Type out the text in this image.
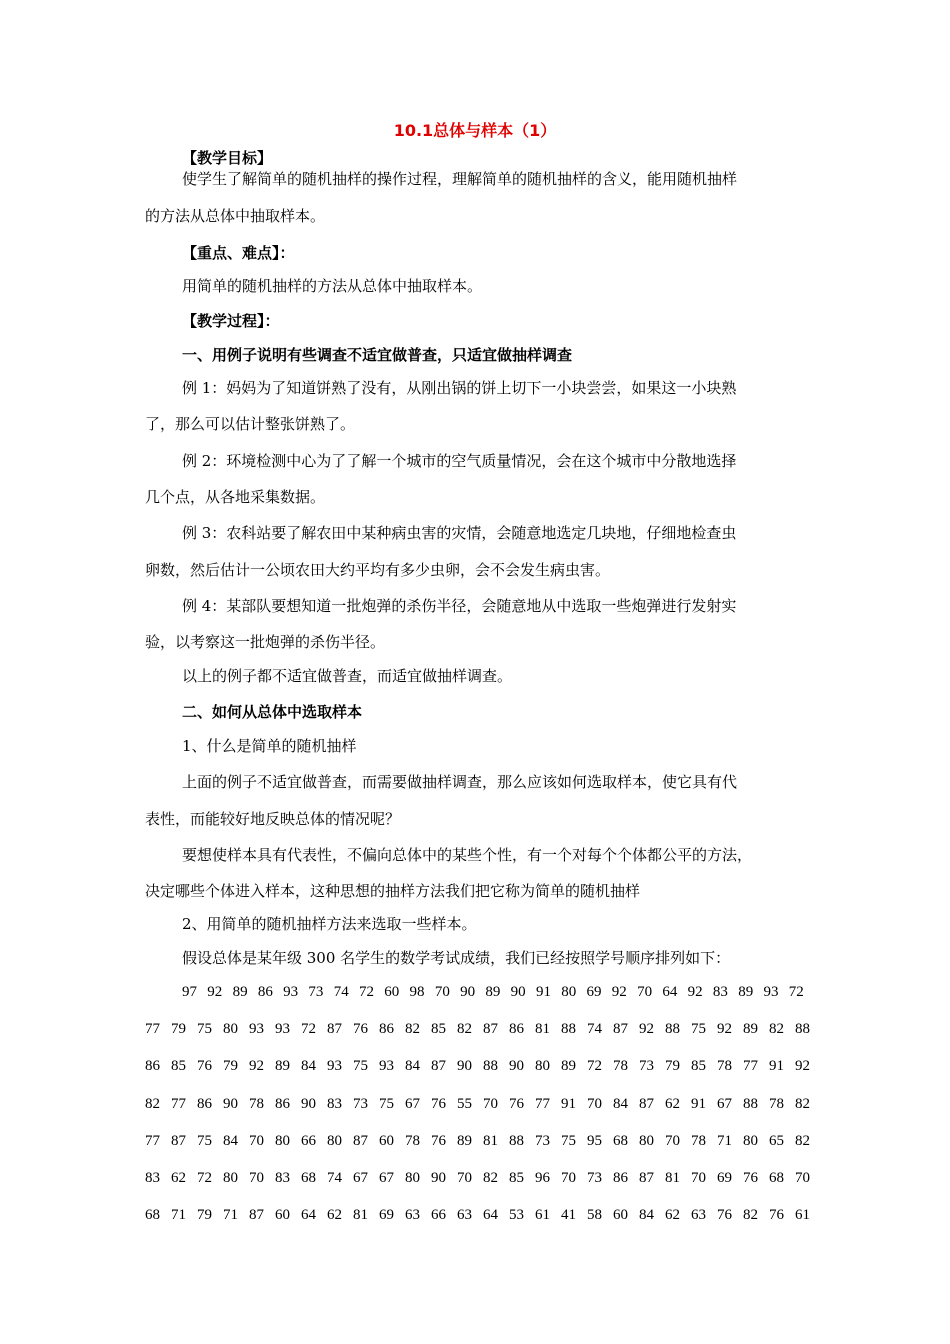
10.1总体与样本（1）

【教学目标】

使学生了解简单的随机抽样的操作过程，理解简单的随机抽样的含义，能用随机抽样

的方法从总体中抽取样本。

【重点、难点】：

用简单的随机抽样的方法从总体中抽取样本。

【教学过程】：

一、用例子说明有些调查不适宜做普查，只适宜做抽样调查

例 1：妈妈为了知道饼熟了没有，从刚出锅的饼上切下一小块尝尝，如果这一小块熟

了，那么可以估计整张饼熟了。

例 2：环境检测中心为了了解一个城市的空气质量情况，会在这个城市中分散地选择

几个点，从各地采集数据。

例 3：农科站要了解农田中某种病虫害的灾情，会随意地选定几块地，仔细地检查虫

卵数，然后估计一公顷农田大约平均有多少虫卵，会不会发生病虫害。

例 4：某部队要想知道一批炮弹的杀伤半径，会随意地从中选取一些炮弹进行发射实

验，以考察这一批炮弹的杀伤半径。

以上的例子都不适宜做普查，而适宜做抽样调查。

二、如何从总体中选取样本

1、什么是简单的随机抽样

上面的例子不适宜做普查，而需要做抽样调查，那么应该如何选取样本，使它具有代

表性，而能较好地反映总体的情况呢？

要想使样本具有代表性，不偏向总体中的某些个性，有一个对每个个体都公平的方法，

决定哪些个体进入样本，这种思想的抽样方法我们把它称为简单的随机抽样

2、用简单的随机抽样方法来选取一些样本。

假设总体是某年级 300 名学生的数学考试成绩，我们已经按照学号顺序排列如下：

97 92 89 86 93 73 74 72 60 98 70 90 89 90 91 80 69 92 70 64 92 83 89 93 72

77 79 75 80 93 93 72 87 76 86 82 85 82 87 86 81 88 74 87 92 88 75 92 89 82 88

86 85 76 79 92 89 84 93 75 93 84 87 90 88 90 80 89 72 78 73 79 85 78 77 91 92

82 77 86 90 78 86 90 83 73 75 67 76 55 70 76 77 91 70 84 87 62 91 67 88 78 82

77 87 75 84 70 80 66 80 87 60 78 76 89 81 88 73 75 95 68 80 70 78 71 80 65 82

83 62 72 80 70 83 68 74 67 67 80 90 70 82 85 96 70 73 86 87 81 70 69 76 68 70

68 71 79 71 87 60 64 62 81 69 63 66 63 64 53 61 41 58 60 84 62 63 76 82 76 61
